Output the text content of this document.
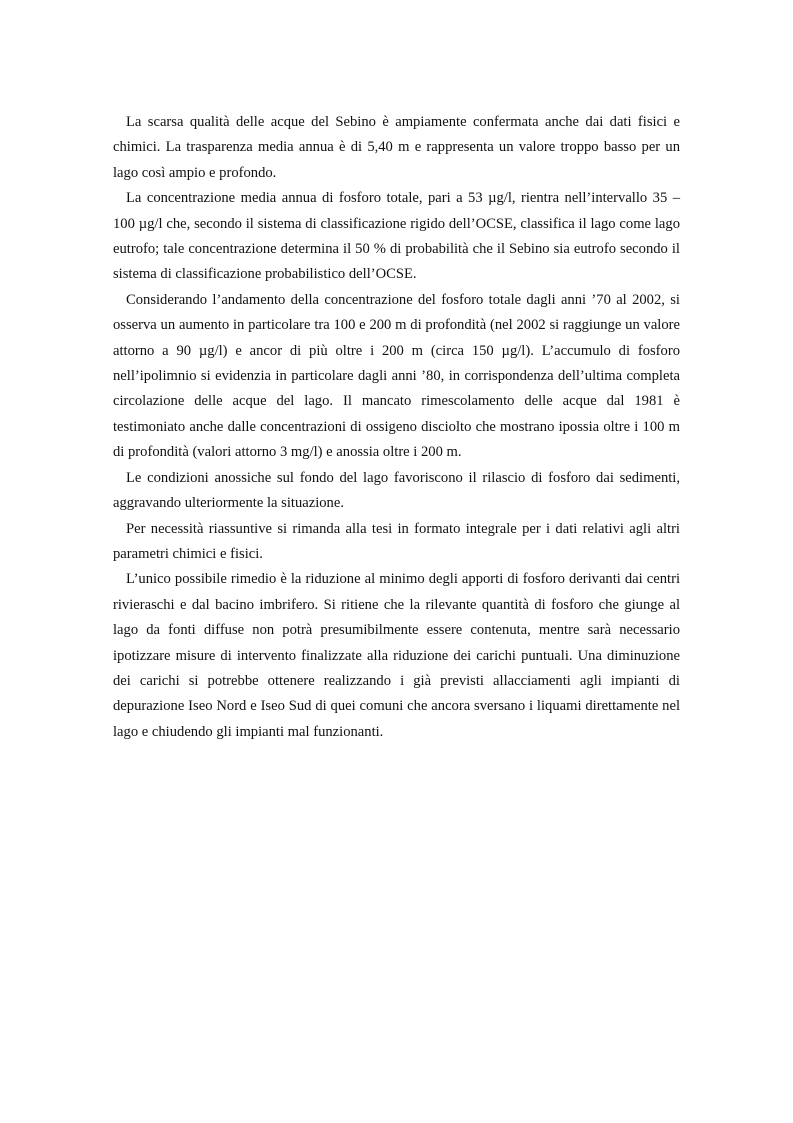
La scarsa qualità delle acque del Sebino è ampiamente confermata anche dai dati fisici e chimici. La trasparenza media annua è di 5,40 m e rappresenta un valore troppo basso per un lago così ampio e profondo.

La concentrazione media annua di fosforo totale, pari a 53 µg/l, rientra nell’intervallo 35 – 100 µg/l che, secondo il sistema di classificazione rigido dell’OCSE, classifica il lago come lago eutrofo; tale concentrazione determina il 50 % di probabilità che il Sebino sia eutrofo secondo il sistema di classificazione probabilistico dell’OCSE.

Considerando l’andamento della concentrazione del fosforo totale dagli anni ’70 al 2002, si osserva un aumento in particolare tra 100 e 200 m di profondità (nel 2002 si raggiunge un valore attorno a 90 µg/l) e ancor di più oltre i 200 m (circa 150 µg/l). L’accumulo di fosforo nell’ipolimnio si evidenzia in particolare dagli anni ’80, in corrispondenza dell’ultima completa circolazione delle acque del lago. Il mancato rimescolamento delle acque dal 1981 è testimoniato anche dalle concentrazioni di ossigeno disciolto che mostrano ipossia oltre i 100 m di profondità (valori attorno 3 mg/l) e anossia oltre i 200 m.

Le condizioni anossiche sul fondo del lago favoriscono il rilascio di fosforo dai sedimenti, aggravando ulteriormente la situazione.

Per necessità riassuntive si rimanda alla tesi in formato integrale per i dati relativi agli altri parametri chimici e fisici.

L’unico possibile rimedio è la riduzione al minimo degli apporti di fosforo derivanti dai centri rivieraschi e dal bacino imbrifero. Si ritiene che la rilevante quantità di fosforo che giunge al lago da fonti diffuse non potrà presumibilmente essere contenuta, mentre sarà necessario ipotizzare misure di intervento finalizzate alla riduzione dei carichi puntuali. Una diminuzione dei carichi si potrebbe ottenere realizzando i già previsti allacciamenti agli impianti di depurazione Iseo Nord e Iseo Sud di quei comuni che ancora sversano i liquami direttamente nel lago e chiudendo gli impianti mal funzionanti.
